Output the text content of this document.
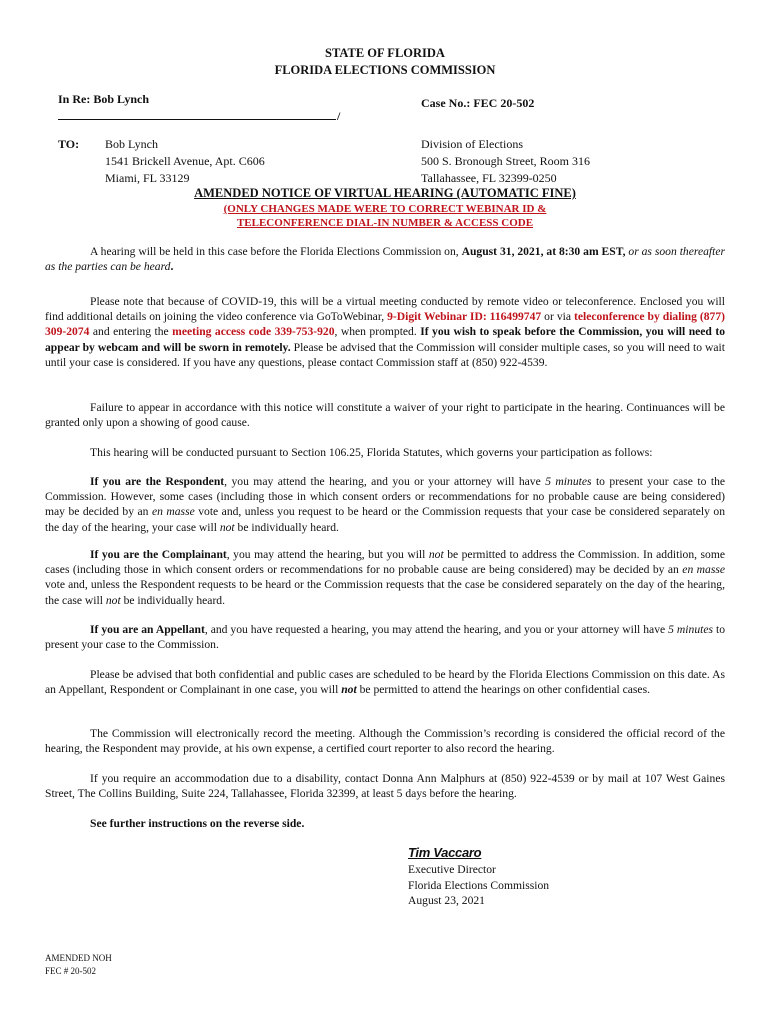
STATE OF FLORIDA
FLORIDA ELECTIONS COMMISSION
In Re: Bob Lynch
/
Case No.: FEC 20-502
TO: Bob Lynch
1541 Brickell Avenue, Apt. C606
Miami, FL 33129
Division of Elections
500 S. Bronough Street, Room 316
Tallahassee, FL 32399-0250
AMENDED NOTICE OF VIRTUAL HEARING (AUTOMATIC FINE)
(ONLY CHANGES MADE WERE TO CORRECT WEBINAR ID &
TELECONFERENCE DIAL-IN NUMBER & ACCESS CODE

A hearing will be held in this case before the Florida Elections Commission on, August 31, 2021, at 8:30 am EST, or as soon thereafter as the parties can be heard.

Please note that because of COVID-19, this will be a virtual meeting conducted by remote video or teleconference. Enclosed you will find additional details on joining the video conference via GoToWebinar, 9-Digit Webinar ID: 116499747 or via teleconference by dialing (877) 309-2074 and entering the meeting access code 339-753-920, when prompted. If you wish to speak before the Commission, you will need to appear by webcam and will be sworn in remotely. Please be advised that the Commission will consider multiple cases, so you will need to wait until your case is considered. If you have any questions, please contact Commission staff at (850) 922-4539.

Failure to appear in accordance with this notice will constitute a waiver of your right to participate in the hearing. Continuances will be granted only upon a showing of good cause.

This hearing will be conducted pursuant to Section 106.25, Florida Statutes, which governs your participation as follows:

If you are the Respondent, you may attend the hearing, and you or your attorney will have 5 minutes to present your case to the Commission. However, some cases (including those in which consent orders or recommendations for no probable cause are being considered) may be decided by an en masse vote and, unless you request to be heard or the Commission requests that your case be considered separately on the day of the hearing, your case will not be individually heard.

If you are the Complainant, you may attend the hearing, but you will not be permitted to address the Commission. In addition, some cases (including those in which consent orders or recommendations for no probable cause are being considered) may be decided by an en masse vote and, unless the Respondent requests to be heard or the Commission requests that the case be considered separately on the day of the hearing, the case will not be individually heard.

If you are an Appellant, and you have requested a hearing, you may attend the hearing, and you or your attorney will have 5 minutes to present your case to the Commission.

Please be advised that both confidential and public cases are scheduled to be heard by the Florida Elections Commission on this date. As an Appellant, Respondent or Complainant in one case, you will not be permitted to attend the hearings on other confidential cases.

The Commission will electronically record the meeting. Although the Commission’s recording is considered the official record of the hearing, the Respondent may provide, at his own expense, a certified court reporter to also record the hearing.

If you require an accommodation due to a disability, contact Donna Ann Malphurs at (850) 922-4539 or by mail at 107 West Gaines Street, The Collins Building, Suite 224, Tallahassee, Florida 32399, at least 5 days before the hearing.

See further instructions on the reverse side.

Tim Vaccaro
Executive Director
Florida Elections Commission
August 23, 2021
AMENDED NOH
FEC # 20-502
